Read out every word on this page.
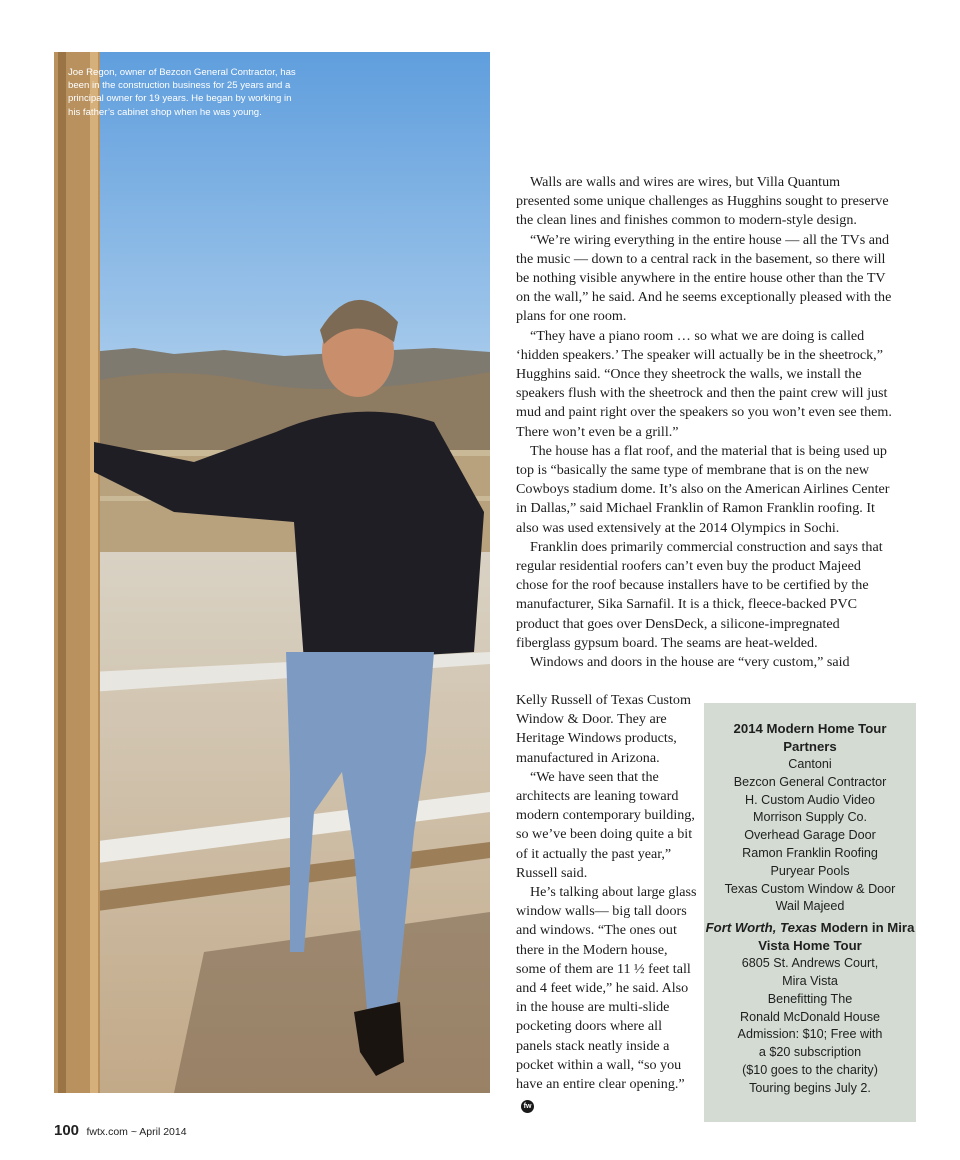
Joe Regon, owner of Bezcon General Contractor, has been in the construction business for 25 years and a principal owner for 19 years. He began by working in his father’s cabinet shop when he was young.

Walls are walls and wires are wires, but Villa Quantum presented some unique challenges as Hugghins sought to preserve the clean lines and finishes common to modern-style design.

“We’re wiring everything in the entire house — all the TVs and the music — down to a central rack in the basement, so there will be nothing visible anywhere in the entire house other than the TV on the wall,” he said. And he seems exceptionally pleased with the plans for one room.

“They have a piano room … so what we are doing is called ‘hidden speakers.’ The speaker will actually be in the sheetrock,” Hugghins said. “Once they sheetrock the walls, we install the speakers flush with the sheetrock and then the paint crew will just mud and paint right over the speakers so you won’t even see them. There won’t even be a grill.”

The house has a flat roof, and the material that is being used up top is “basically the same type of membrane that is on the new Cowboys stadium dome. It’s also on the American Airlines Center in Dallas,” said Michael Franklin of Ramon Franklin roofing. It also was used extensively at the 2014 Olympics in Sochi.

Franklin does primarily commercial construction and says that regular residential roofers can’t even buy the product Majeed chose for the roof because installers have to be certified by the manufacturer, Sika Sarnafil. It is a thick, fleece-backed PVC product that goes over DensDeck, a silicone-impregnated fiberglass gypsum board. The seams are heat-welded.

Windows and doors in the house are “very custom,” said

Kelly Russell of Texas Custom Window & Door. They are Heritage Windows products, manufactured in Arizona.

“We have seen that the architects are leaning toward modern contemporary building, so we’ve been doing quite a bit of it actually the past year,” Russell said.

He’s talking about large glass window walls— big tall doors and windows. “The ones out there in the Modern house, some of them are 11 ½ feet tall and 4 feet wide,” he said. Also in the house are multi-slide pocketing doors where all panels stack neatly inside a pocket within a wall, “so you have an entire clear opening.”fw

2014 Modern Home Tour Partners
Cantoni
Bezcon General Contractor
H. Custom Audio Video
Morrison Supply Co.
Overhead Garage Door
Ramon Franklin Roofing
Puryear Pools
Texas Custom Window & Door
Wail Majeed
Fort Worth, Texas Modern in Mira Vista Home Tour
6805 St. Andrews Court,
Mira Vista
Benefitting The
Ronald McDonald House
Admission: $10; Free with
a $20 subscription
($10 goes to the charity)
Touring begins July 2.
100 fwtx.com ~ April 2014
